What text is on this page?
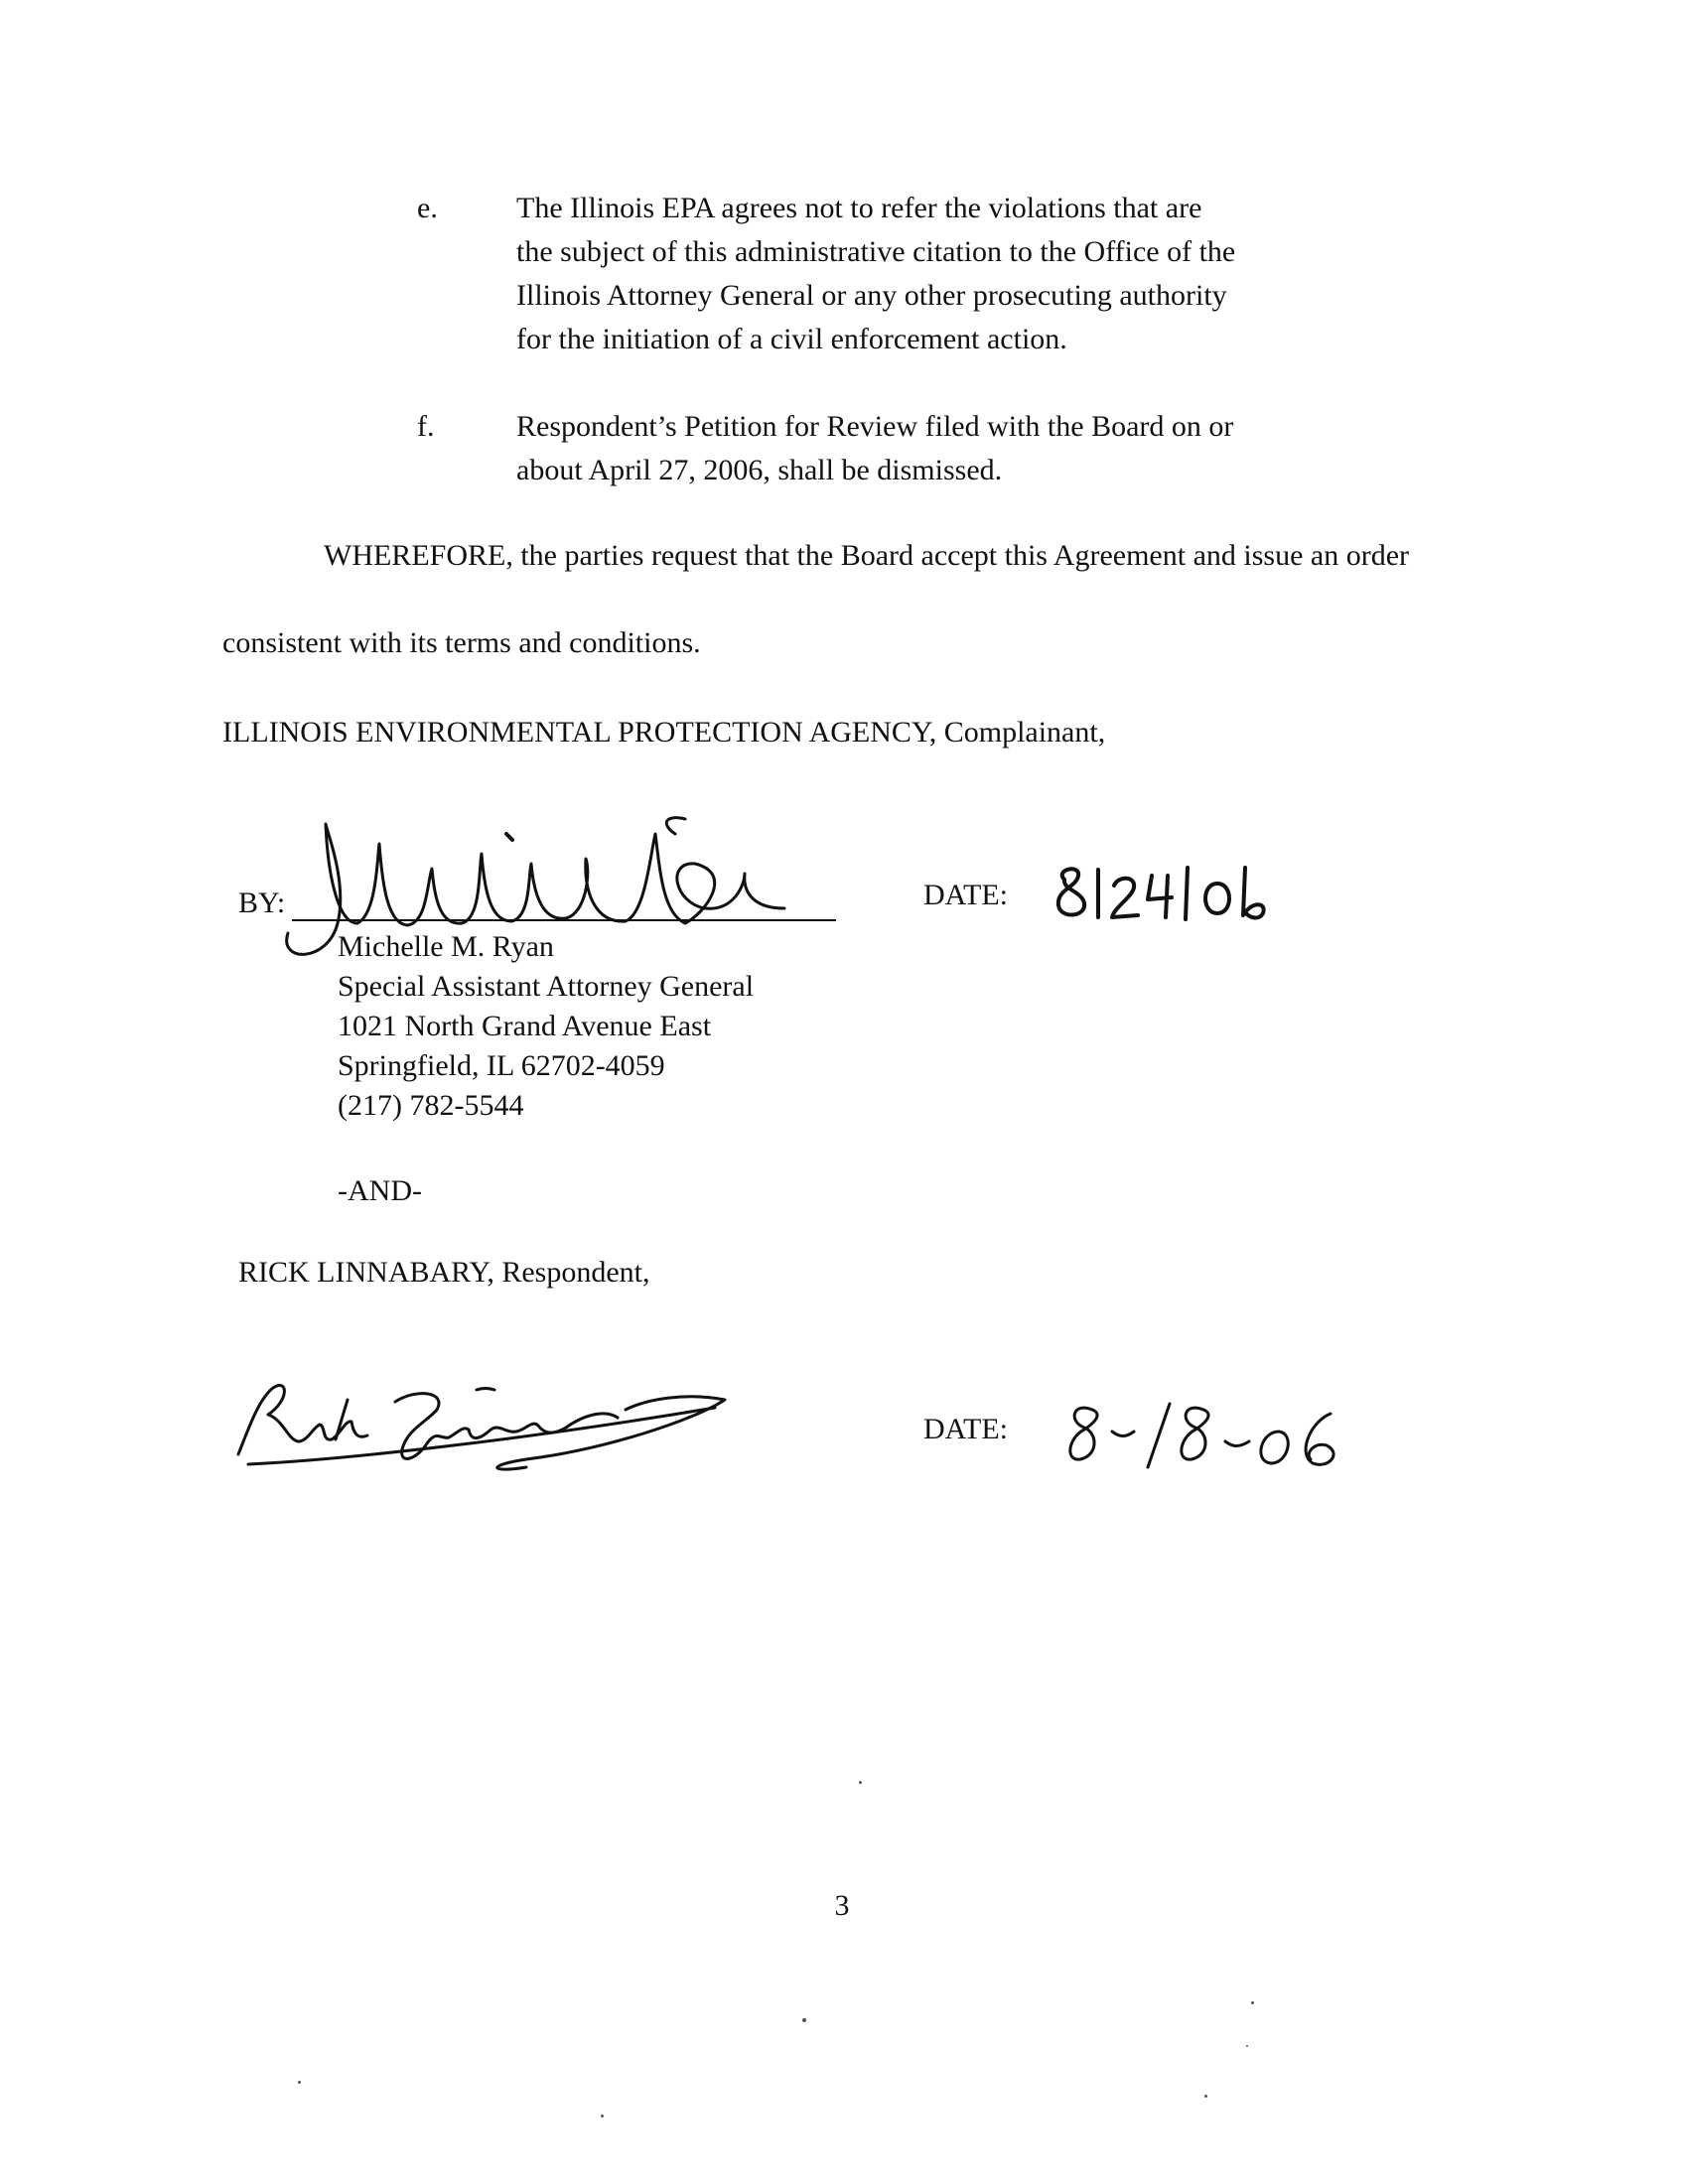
e.	The Illinois EPA agrees not to refer the violations that are
the subject of this administrative citation to the Office of the
Illinois Attorney General or any other prosecuting authority
for the initiation of a civil enforcement action.
f.	Respondent’s Petition for Review filed with the Board on or
about April 27, 2006, shall be dismissed.
WHEREFORE, the parties request that the Board accept this Agreement and issue an order
consistent with its terms and conditions.
ILLINOIS ENVIRONMENTAL PROTECTION AGENCY, Complainant,
BY:	DATE:
Michelle M. Ryan
Special Assistant Attorney General
1021 North Grand Avenue East
Springfield, IL 62702-4059
(217) 782-5544
-AND-
RICK LINNABARY, Respondent,
DATE:
3
